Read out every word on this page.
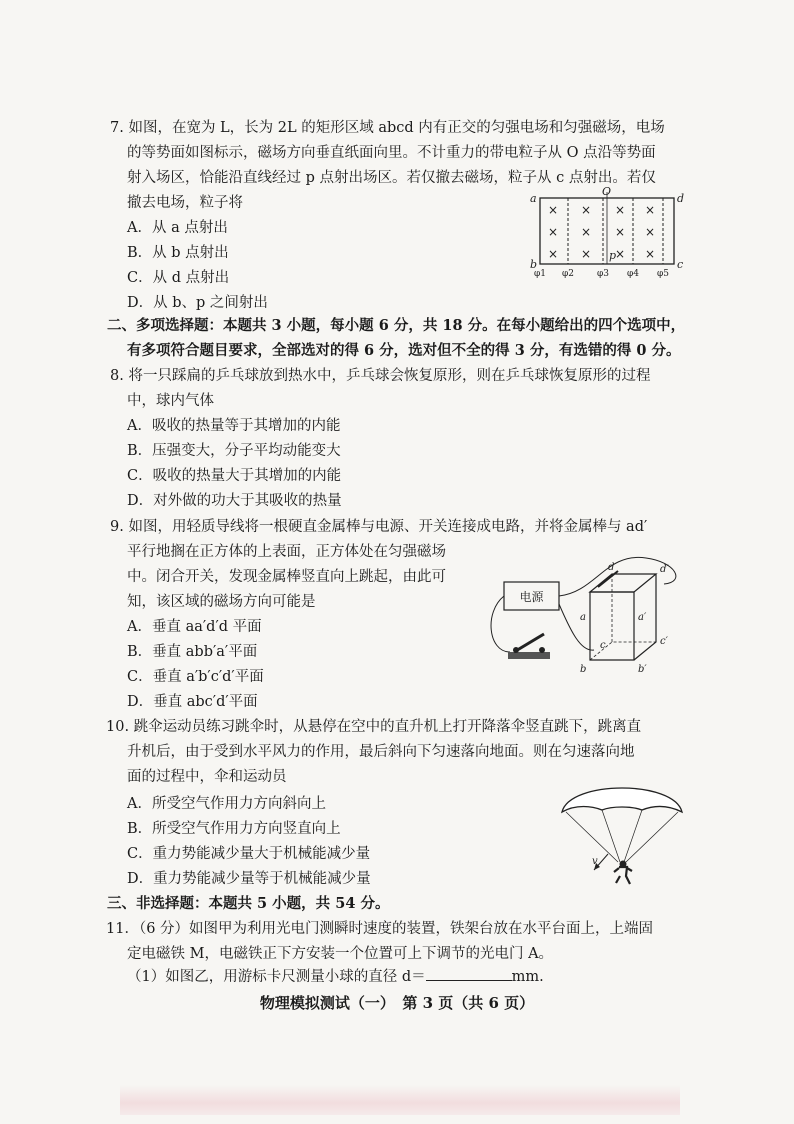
7. 如图，在宽为 L，长为 2L 的矩形区域 abcd 内有正交的匀强电场和匀强磁场，电场
的等势面如图标示，磁场方向垂直纸面向里。不计重力的带电粒子从 O 点沿等势面
射入场区，恰能沿直线经过 p 点射出场区。若仅撤去磁场，粒子从 c 点射出。若仅
撤去电场，粒子将
A．从 a 点射出
B．从 b 点射出
C．从 d 点射出
D．从 b、p 之间射出
× × × ×
× × × ×
× × × ×
a
b	c
d
O
p
φ1 φ2	φ3 φ4 φ5
二、多项选择题：本题共 3 小题，每小题 6 分，共 18 分。在每小题给出的四个选项中，
有多项符合题目要求，全部选对的得 6 分，选对但不全的得 3 分，有选错的得 0 分。
8. 将一只踩扁的乒乓球放到热水中，乒乓球会恢复原形，则在乒乓球恢复原形的过程
中，球内气体
A．吸收的热量等于其增加的内能
B．压强变大，分子平均动能变大
C．吸收的热量大于其增加的内能
D．对外做的功大于其吸收的热量
9. 如图，用轻质导线将一根硬直金属棒与电源、开关连接成电路，并将金属棒与 ad′
平行地搁在正方体的上表面，正方体处在匀强磁场
中。闭合开关，发现金属棒竖直向上跳起，由此可
知，该区域的磁场方向可能是
A．垂直 aa′d′d 平面
B．垂直 abb′a′平面
C．垂直 a′b′c′d′平面
D．垂直 abc′d′平面
电源
d	d′
a	a′
c′
c
b	b′
10. 跳伞运动员练习跳伞时，从悬停在空中的直升机上打开降落伞竖直跳下，跳离直
升机后，由于受到水平风力的作用，最后斜向下匀速落向地面。则在匀速落向地
面的过程中，伞和运动员
A．所受空气作用力方向斜向上
B．所受空气作用力方向竖直向上
C．重力势能减少量大于机械能减少量
D．重力势能减少量等于机械能减少量
v
三、非选择题：本题共 5 小题，共 54 分。
11．（6 分）如图甲为利用光电门测瞬时速度的装置，铁架台放在水平台面上，上端固
定电磁铁 M，电磁铁正下方安装一个位置可上下调节的光电门 A。
（1）如图乙，用游标卡尺测量小球的直径 d＝	mm.
物理模拟测试（一）　第 3 页（共 6 页）
